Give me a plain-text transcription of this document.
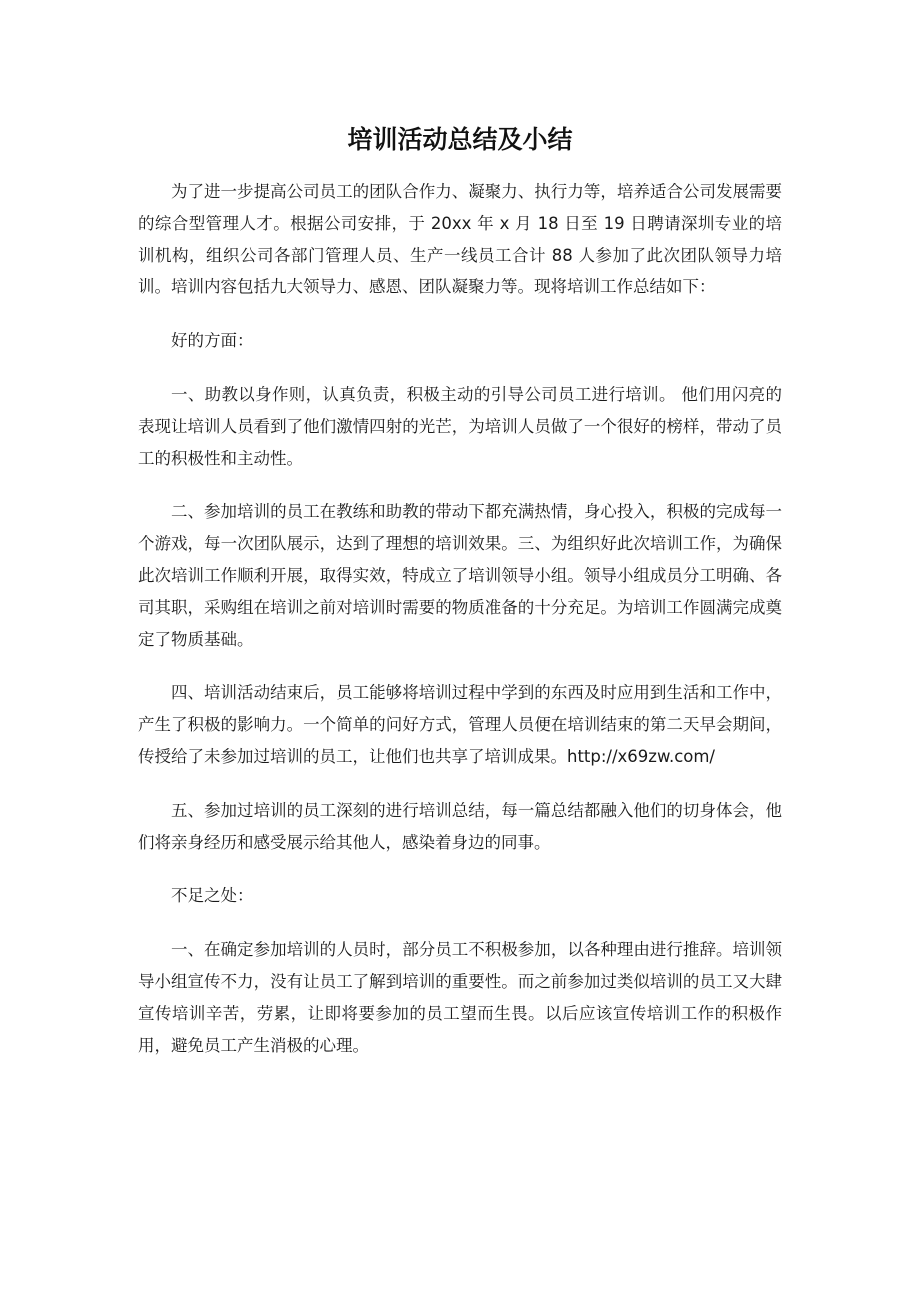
培训活动总结及小结

为了进一步提高公司员工的团队合作力、凝聚力、执行力等，培养适合公司发展需要的综合型管理人才。根据公司安排，于 20xx 年 x 月 18 日至 19 日聘请深圳专业的培训机构，组织公司各部门管理人员、生产一线员工合计 88 人参加了此次团队领导力培训。培训内容包括九大领导力、感恩、团队凝聚力等。现将培训工作总结如下：

好的方面：

一、助教以身作则，认真负责，积极主动的引导公司员工进行培训。 他们用闪亮的表现让培训人员看到了他们激情四射的光芒，为培训人员做了一个很好的榜样，带动了员工的积极性和主动性。

二、参加培训的员工在教练和助教的带动下都充满热情，身心投入，积极的完成每一个游戏，每一次团队展示，达到了理想的培训效果。三、为组织好此次培训工作，为确保此次培训工作顺利开展，取得实效，特成立了培训领导小组。领导小组成员分工明确、各司其职，采购组在培训之前对培训时需要的物质准备的十分充足。为培训工作圆满完成奠定了物质基础。

四、培训活动结束后，员工能够将培训过程中学到的东西及时应用到生活和工作中，产生了积极的影响力。一个简单的问好方式，管理人员便在培训结束的第二天早会期间，传授给了未参加过培训的员工，让他们也共享了培训成果。http://x69zw.com/

五、参加过培训的员工深刻的进行培训总结，每一篇总结都融入他们的切身体会，他们将亲身经历和感受展示给其他人，感染着身边的同事。

不足之处：

一、在确定参加培训的人员时，部分员工不积极参加，以各种理由进行推辞。培训领导小组宣传不力，没有让员工了解到培训的重要性。而之前参加过类似培训的员工又大肆宣传培训辛苦，劳累，让即将要参加的员工望而生畏。以后应该宣传培训工作的积极作用，避免员工产生消极的心理。
